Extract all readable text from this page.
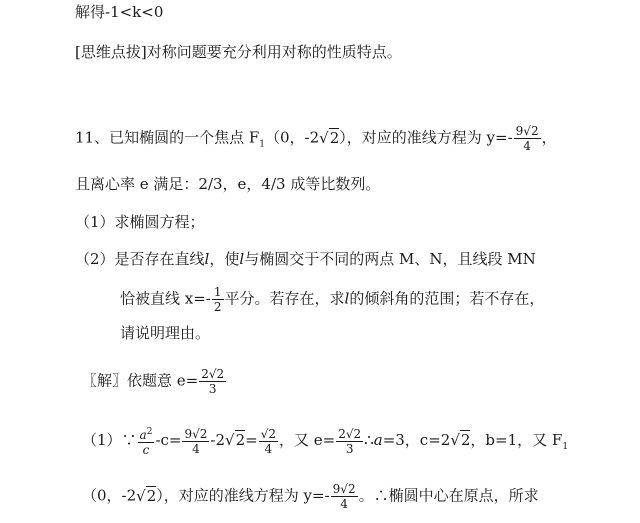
解得-1<k<0
[思维点拔]对称问题要充分利用对称的性质特点。
11、已知椭圆的一个焦点 $F_1(0$，-2√2），对应的准线方程为 $y=- \frac{9√2}{4}$ ，
且离心率 e 满足：2/3，e，4/3 成等比数列。
（1）求椭圆方程；
（2）是否存在直线l，使l与椭圆交于不同的两点 M、N，且线段 MN
恰被直线 $x=- \frac{1}{2}$ 平分。若存在，求l的倾斜角的范围；若不存在，
请说明理由。
〖解〗依题意 $e= \frac{2√2}{3}$
（1）∵ $\frac{a^2}{c} -c= \frac{9√2}{4} -2√2= \frac{√2}{4}$ ，又 $e= \frac{2√2}{3}$ ∴a=3，c=2√2，b=1，又 $F_1$
（0，-2√2），对应的准线方程为 $y=- \frac{9√2}{4}$ 。∴椭圆中心在原点，所求
